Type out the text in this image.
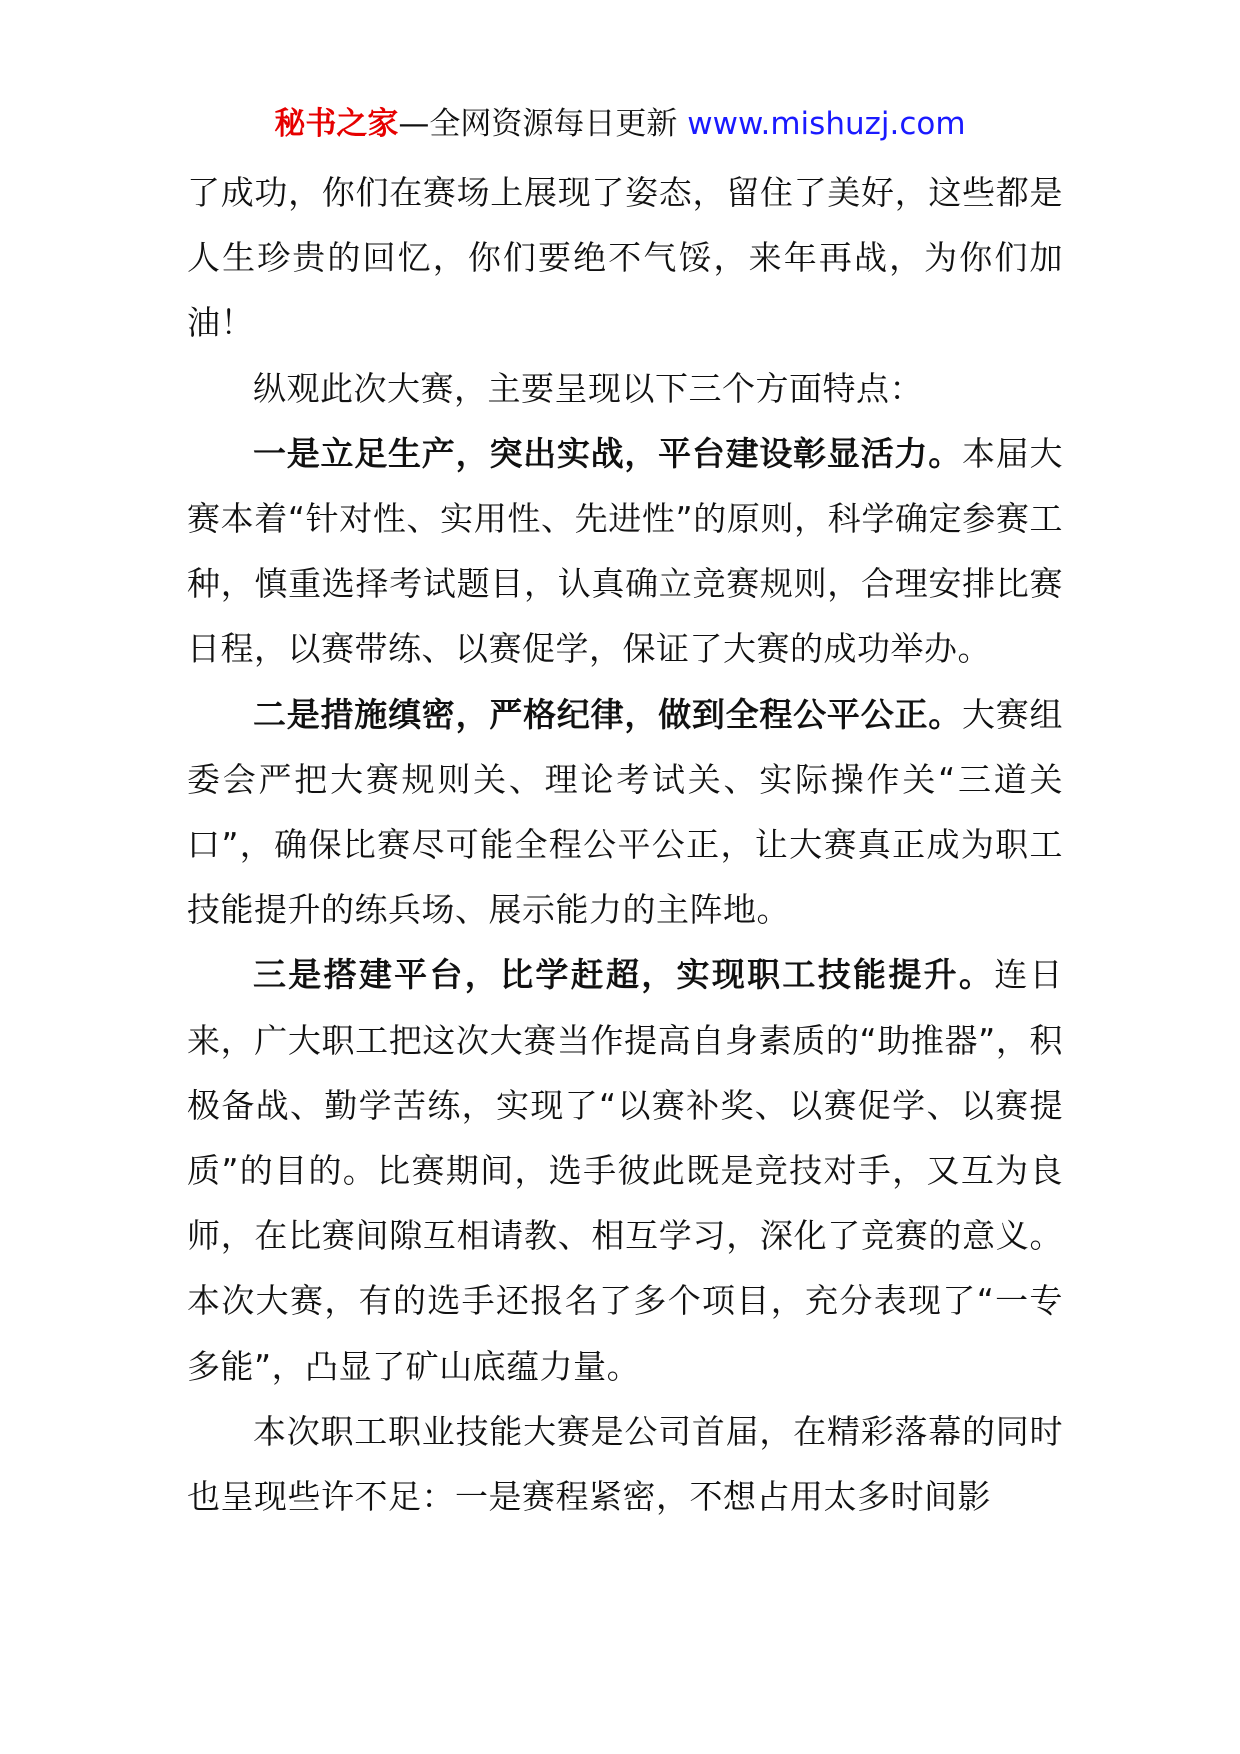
秘书之家—全网资源每日更新 www.mishuzj.com

了成功，你们在赛场上展现了姿态，留住了美好，这些都是人生珍贵的回忆，你们要绝不气馁，来年再战，为你们加油！

纵观此次大赛，主要呈现以下三个方面特点：

一是立足生产，突出实战，平台建设彰显活力。本届大赛本着“针对性、实用性、先进性”的原则，科学确定参赛工种，慎重选择考试题目，认真确立竞赛规则，合理安排比赛日程，以赛带练、以赛促学，保证了大赛的成功举办。

二是措施缜密，严格纪律，做到全程公平公正。大赛组委会严把大赛规则关、理论考试关、实际操作关“三道关口”，确保比赛尽可能全程公平公正，让大赛真正成为职工技能提升的练兵场、展示能力的主阵地。

三是搭建平台，比学赶超，实现职工技能提升。连日来，广大职工把这次大赛当作提高自身素质的“助推器”，积极备战、勤学苦练，实现了“以赛补奖、以赛促学、以赛提质”的目的。比赛期间，选手彼此既是竞技对手，又互为良师，在比赛间隙互相请教、相互学习，深化了竞赛的意义。本次大赛，有的选手还报名了多个项目，充分表现了“一专多能”，凸显了矿山底蕴力量。

本次职工职业技能大赛是公司首届，在精彩落幕的同时也呈现些许不足：一是赛程紧密，不想占用太多时间影
